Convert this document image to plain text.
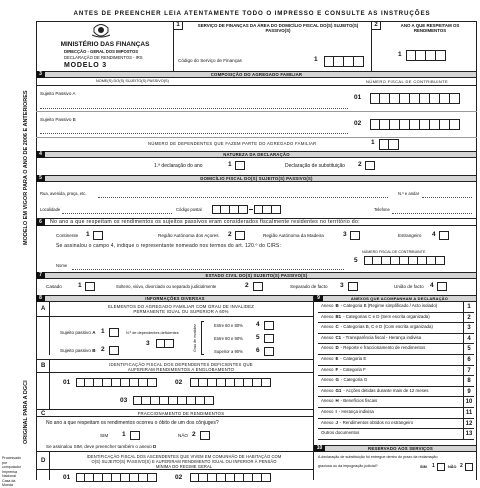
ANTES DE PREENCHER LEIA ATENTAMENTE TODO O IMPRESSO E CONSULTE AS INSTRUÇÕES
MODELO EM VIGOR PARA O ANO DE 2006 E ANTERIORES
ORIGINAL PARA A DGCI
Processado por
computador
Imprensa Nacional
Casa da Moeda
MINISTÉRIO DAS FINANÇAS
DIRECÇÃO - GERAL DOS IMPOSTOS
DECLARAÇÃO DE RENDIMENTOS - IRS
MODELO 3
1	SERVIÇO DE FINANÇAS DA ÁREA DO DOMICÍLIO FISCAL DO(S) SUJEITO(S) PASSIVO(S)
Código do Serviço de Finanças	1
2	ANO A QUE RESPEITAM OS RENDIMENTOS
1
3	COMPOSIÇÃO DO AGREGADO FAMILIAR
NOME(S) DO(S) SUJEITO(S) PASSIVO(S)	NÚMERO FISCAL DE CONTRIBUINTE
Sujeito Passivo A
01
Sujeito Passivo B
02
NÚMERO DE DEPENDENTES QUE FAZEM PARTE DO AGREGADO FAMILIAR	1
4	NATUREZA DA DECLARAÇÃO
1.ª declaração do ano	1	Declaração de substituição 2
5	DOMICÍLIO FISCAL DO(S) SUJEITO(S) PASSIVO(S)
Rua, avenida, praça, etc.	N.º e andar
Localidade	Código postal	Telefone
6	No ano a que respeitam os rendimentos os sujeitos passivos eram considerados fiscalmente residentes no território do:
Continente 1	Região Autónoma dos Açores 2	Região Autónoma da Madeira	3	Estrangeiro 4
Se assinalou o campo 4, indique o representante nomeado nos termos do art. 120.º do CIRS:
NÚMERO FISCAL DE CONTRIBUINTE
Nome
5
7	ESTADO CIVIL DO(S) SUJEITO(S) PASSIVO(S)
Casado 1	Solteiro, viúvo, divorciado ou separado judicialmente	2	Separado de facto 3	União de facto 4
8	INFORMAÇÕES DIVERSAS
A	ELEMENTOS DO AGREGADO FAMILIAR COM GRAU DE INVALIDEZ PERMANENTE IGUAL OU SUPERIOR A 60%
Sujeito passivo A 1
Sujeito passivo B 2
N.º de dependentes deficientes
3	Grau de invalidez	Entre 60 e 80% 4
Entre 80 e 90% 5
Superior a 90% 6
B	IDENTIFICAÇÃO FISCAL DOS DEPENDENTES DEFICIENTES QUE AUFERIRAM RENDIMENTOS A ENGLOBAMENTO
01	02
03
C	FRACCIONAMENTO DE RENDIMENTOS
No ano a que respeitam os rendimentos ocorreu o óbito de um dos cônjuges?
SIM 1	NÃO 2
Se assinalou SIM, deve preencher também o anexo D
D
IDENTIFICAÇÃO FISCAL DOS ASCENDENTES QUE VIVEM EM COMUNHÃO DE HABITAÇÃO COM O(S) SUJEITO(S) PASSIVO(S) E AUFERIRAM RENDIMENTO IGUAL OU INFERIOR À PENSÃO MÍNIMA DO REGIME GERAL
01	02
9	ANEXOS QUE ACOMPANHAM A DECLARAÇÃO
Anexo B - Categoria B (Regime simplificado / Acto isolado)	1
Anexo B1 - Categorias C e D (Sem escrita organizada)	2
Anexo C - Categorias B, C e D (Com escrita organizada)	3
Anexo C1 - Transparência fiscal - Herança indivisa	4
Anexo D - Reporte e fraccionamento de rendimentos	5
Anexo E - Categoria E	6
Anexo F - Categoria F	7
Anexo G - Categoria G	8
Anexo G1 - Acções detidas durante mais de 12 meses	9
Anexo H - Benefícios fiscais	10
Anexo I - Herança indivisa	11
Anexo J - Rendimentos obtidos no estrangeiro	12
Outros documentos	13
10	RESERVADO AOS SERVIÇOS
A declaração de substituição foi entregue dentro do prazo da reclamação
graciosa ou da impugnação judicial?	SIM 1	NÃO 2
